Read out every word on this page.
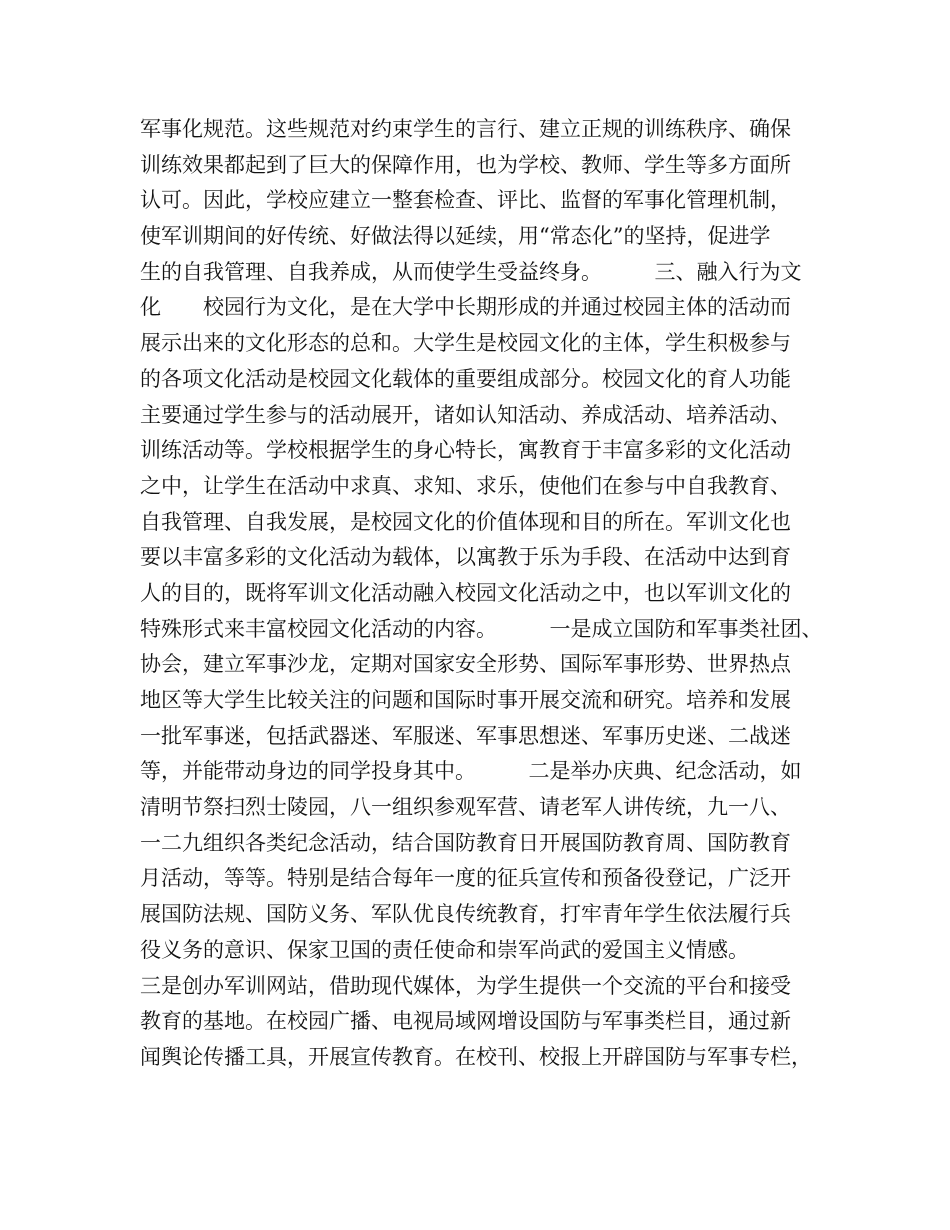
军事化规范。这些规范对约束学生的言行、建立正规的训练秩序、确保
训练效果都起到了巨大的保障作用，也为学校、教师、学生等多方面所
认可。因此，学校应建立一整套检查、评比、监督的军事化管理机制，
使军训期间的好传统、好做法得以延续，用“常态化”的坚持，促进学
生的自我管理、自我养成，从而使学生受益终身。　　　三、融入行为文
化　　校园行为文化，是在大学中长期形成的并通过校园主体的活动而
展示出来的文化形态的总和。大学生是校园文化的主体，学生积极参与
的各项文化活动是校园文化载体的重要组成部分。校园文化的育人功能
主要通过学生参与的活动展开，诸如认知活动、养成活动、培养活动、
训练活动等。学校根据学生的身心特长，寓教育于丰富多彩的文化活动
之中，让学生在活动中求真、求知、求乐，使他们在参与中自我教育、
自我管理、自我发展，是校园文化的价值体现和目的所在。军训文化也
要以丰富多彩的文化活动为载体，以寓教于乐为手段、在活动中达到育
人的目的，既将军训文化活动融入校园文化活动之中，也以军训文化的
特殊形式来丰富校园文化活动的内容。　　　一是成立国防和军事类社团、
协会，建立军事沙龙，定期对国家安全形势、国际军事形势、世界热点
地区等大学生比较关注的问题和国际时事开展交流和研究。培养和发展
一批军事迷，包括武器迷、军服迷、军事思想迷、军事历史迷、二战迷
等，并能带动身边的同学投身其中。　　　二是举办庆典、纪念活动，如
清明节祭扫烈士陵园，八一组织参观军营、请老军人讲传统，九一八、
一二九组织各类纪念活动，结合国防教育日开展国防教育周、国防教育
月活动，等等。特别是结合每年一度的征兵宣传和预备役登记，广泛开
展国防法规、国防义务、军队优良传统教育，打牢青年学生依法履行兵
役义务的意识、保家卫国的责任使命和崇军尚武的爱国主义情感。
三是创办军训网站，借助现代媒体，为学生提供一个交流的平台和接受
教育的基地。在校园广播、电视局域网增设国防与军事类栏目，通过新
闻舆论传播工具，开展宣传教育。在校刊、校报上开辟国防与军事专栏，
